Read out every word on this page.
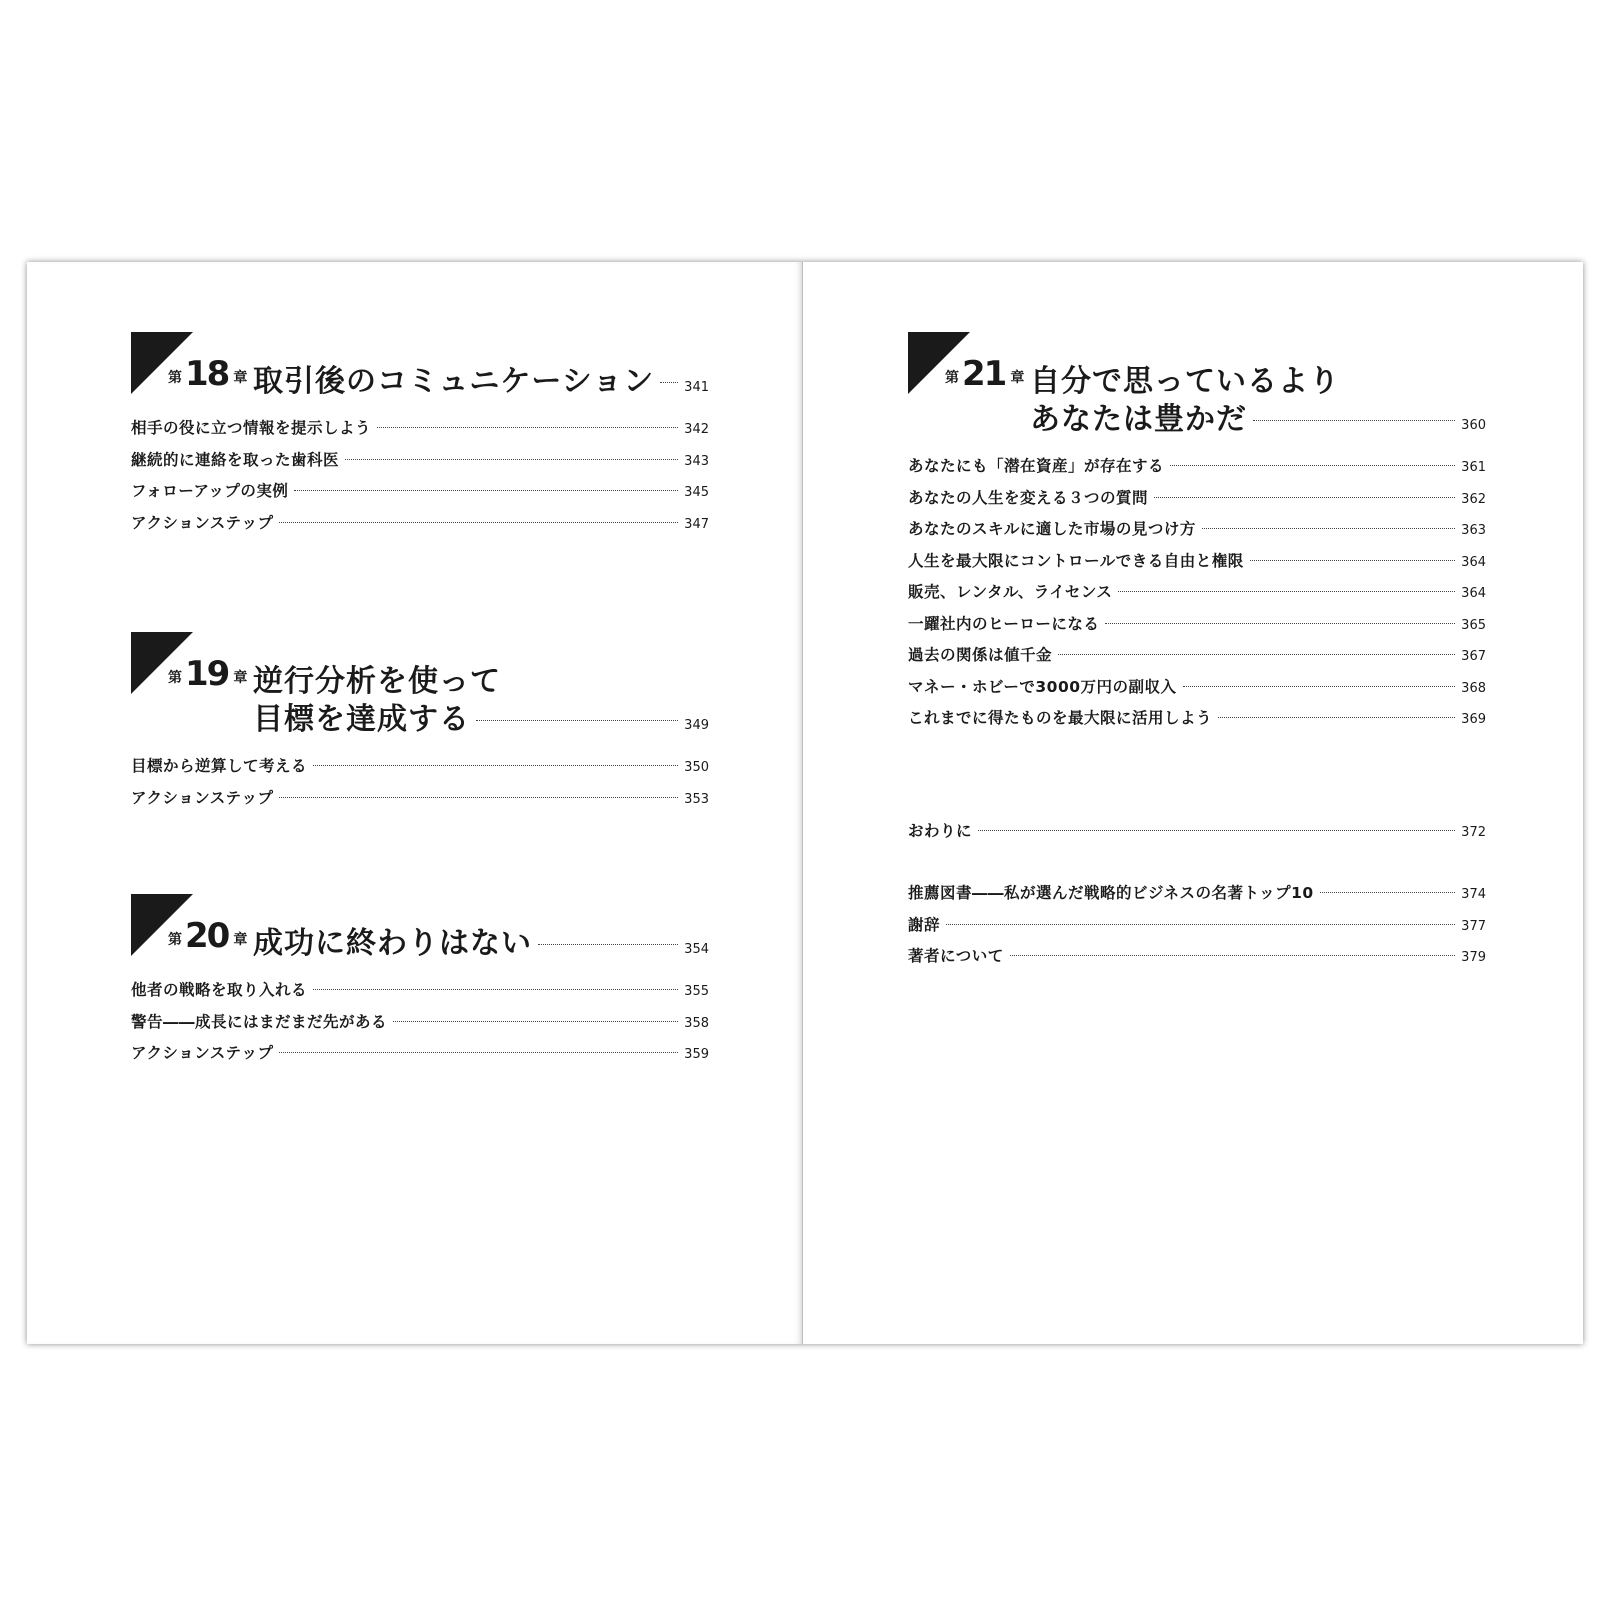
第18 章 取引後のコミュニケーション 341
相手の役に立つ情報を提示しよう	342
継続的に連絡を取った歯科医	343
フォローアップの実例	345
アクションステップ	347
第19 章 逆行分析を使って
目標を達成する	349
目標から逆算して考える	350
アクションステップ	353
第20 章 成功に終わりはない	354
他者の戦略を取り入れる	355
警告――成長にはまだまだ先がある	358
アクションステップ	359
第21 章 自分で思っているより
あなたは豊かだ	360
あなたにも「潜在資産」が存在する	361
あなたの人生を変える３つの質問	362
あなたのスキルに適した市場の見つけ方	363
人生を最大限にコントロールできる自由と権限	364
販売、レンタル、ライセンス	364
一躍社内のヒーローになる	365
過去の関係は値千金	367
マネー・ホビーで3000万円の副収入	368
これまでに得たものを最大限に活用しよう	369
おわりに	372
推薦図書――私が選んだ戦略的ビジネスの名著トップ10	374
謝辞	377
著者について	379
